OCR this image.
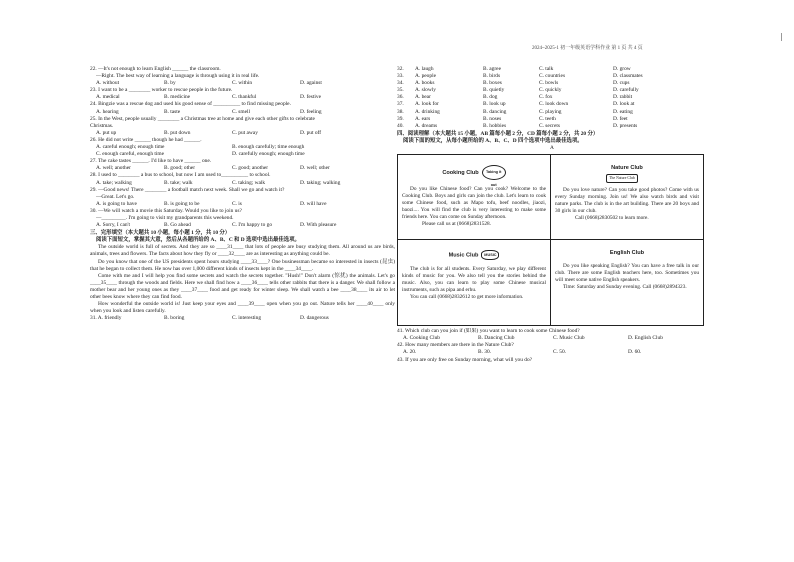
2024~2025-1 初一年级英语学科作业 第 1 页 共 4 页

22. —It's not enough to learn English ______ the classroom.

—Right. The best way of learning a language is through using it in real life.

A. without	B. by	C. within	D. against

23. I want to be a ________ worker to rescue people in the future.

A. medical	B. medicine	C. thankful	D. festive

24. Bingzie was a rescue dog and used his good sense of __________ to find missing people.

A. hearing	B. taste	C. smell	D. feeling

25. In the West, people usually ________ a Christmas tree at home and give each other gifts to celebrate

Christmas.

A. put up	B. put down	C. put away	D. put off

26. He did not write ______ though he had ______.

A. careful enough; enough time	B. enough carefully; time enough
C. enough careful, enough time	D. carefully enough; enough time

27. The cake tastes ______. I'd like to have ______ one.

A. well; another	B. good; other	C. good; another	D. well; other

28. I used to ________ a bus to school, but now I am used to__________ to school.

A. take; walking	B. take; walk	C. taking; walk	D. taking; walking

29. —Good news! There ________ a football match next week. Shall we go and watch it?

—Great. Let's go.

A. is going to have	B. is going to be	C. is	D. will have

30. —We will watch a movie this Saturday. Would you like to join us?

—_________. I'm going to visit my grandparents this weekend.

A. Sorry, I can't	B. Go ahead	C. I'm happy to go	D. With pleasure

三、完形填空（本大题共 10 小题，每小题 1 分，共 10 分）

阅读下面短文，掌握其大意，然后从各题所给的 A、B、C 和 D 选项中选出最佳选项。

The outside world is full of secrets. And they are so ____31____ that lots of people are busy studying them. All around us are birds, animals, trees and flowers. The facts about how they fly or ____32____ are as interesting as anything could be.

Do you know that one of the US presidents spent hours studying ____33____? One businessman became so interested in insects (昆虫) that he began to collect them. He now has over 1,000 different kinds of insects kept in the ____34____.

Come with me and I will help you find some secrets and watch the secrets together. "Hush!" Don't alarm (惊扰) the animals. Let's go ____35____ through the woods and fields. Here we shall find how a ____36____ tells other rabbits that there is a danger. We shall follow a mother bear and her young ones as they ____37____ food and get ready for winter sleep. We shall watch a bee ____38____ its air to let other bees know where they can find food.

How wonderful the outside world is! Just keep your eyes and ____39____ open when you go out. Nature tells her ____40____ only when you look and listen carefully.

31. A. friendly	B. boring	C. interesting	D. dangerous
32.	A. laugh	B. agree	C. talk	D. grow
33.	A. people	B. birds	C. countries	D. classmates
34.	A. books	B. boxes	C. bowls	D. cups
35.	A. slowly	B. quietly	C. quickly	D. carefully
36.	A. bear	B. dog	C. fox	D. rabbit
37.	A. look for	B. look up	C. look down	D. look at
38.	A. drinking	B. dancing	C. playing	D. eating
39.	A. ears	B. noses	C. teeth	D. feet
40.	A. dreams	B. hobbies	C. secrets	D. presents

四、阅读理解（本大题共 15 小题，AB 篇每小题 2 分，CD 篇每小题 2 分，共 20 分）

阅读下面的短文，从每小题所给的 A、B、C、D 四个选项中选出最佳选项。

A

Cooking Club Taking it out

Do you like Chinese food? Can you cook? Welcome to the Cooking Club. Boys and girls can join the club. Let's learn to cook some Chinese food, such as Mapo tofu, beef noodles, jiaozi, baozi.... You will find the club is very interesting to make some friends here. You can come on Sunday afternoon.

Please call us at (0668)2831528.

Nature Club
The Nature Club

Do you love nature? Can you take good photos? Come with us every Sunday morning. Join us! We also watch birds and visit nature parks. The club is in the art building. There are 20 boys and 30 girls in our club.

Call (0668)2830502 to learn more.

Music Club MUSIC

The club is for all students. Every Saturday, we play different kinds of music for you. We also tell you the stories behind the music. Also, you can learn to play some Chinese musical instruments, such as pipa and erhu.

You can call (0668)2832612 to get more information.

English Club

Do you like speaking English? You can have a free talk in our club. There are some English teachers here, too. Sometimes you will meet some native English speakers.

Time: Saturday and Sunday evening. Call (0668)2894323.

41. Which club can you join if (如果) you want to learn to cook some Chinese food?

A. Cooking Club	B. Dancing Club	C. Music Club	D. English Club

42. How many members are there in the Nature Club?

A. 20.	B. 30.	C. 50.	D. 60.

43. If you are only free on Sunday morning, what will you do?
